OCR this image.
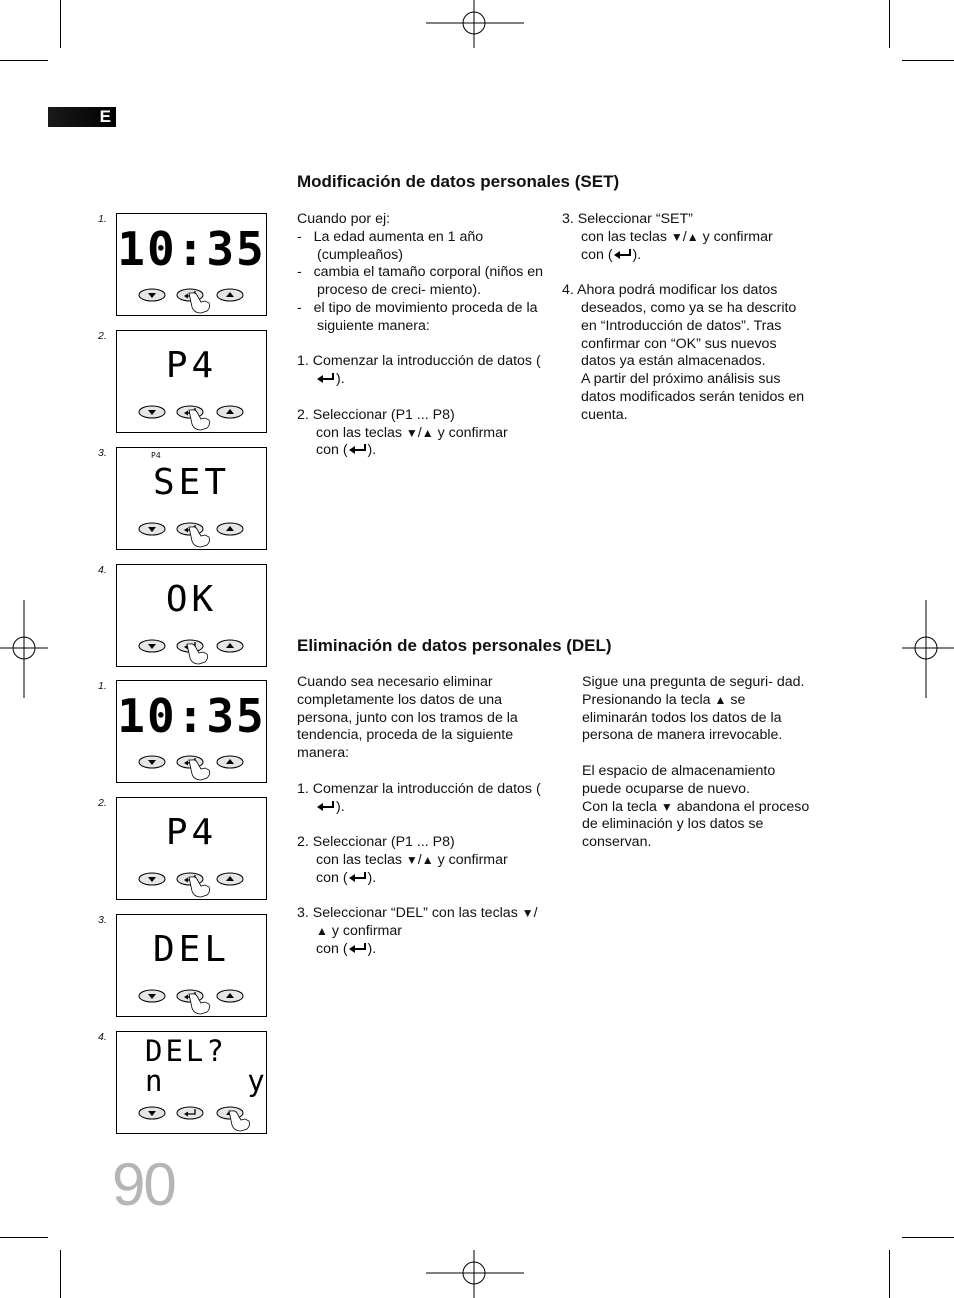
E
Modificación de datos personales (SET)
Cuando por ej:
-   La edad aumenta en 1 año (cumpleaños)
-   cambia el tamaño corporal (niños en proceso de creci- miento).
-   el tipo de movimiento proceda de la siguiente manera:

1. Comenzar la introducción de datos ().

2. Seleccionar (P1 ... P8)
con las teclas ▼/▲ y confirmar
con ( ).

3. Seleccionar “SET”
con las teclas ▼/▲ y confirmar
con ( ).

4. Ahora podrá modificar los datos deseados, como ya se ha descrito en “Introducción de datos”. Tras confirmar con “OK” sus nuevos datos ya están almacenados.
A partir del próximo análisis sus datos modificados serán tenidos en cuenta.
Eliminación de datos personales (DEL)

Cuando sea necesario eliminar completamente los datos de una persona, junto con los tramos de la tendencia, proceda de la siguiente manera:

1. Comenzar la introducción de datos ().

2. Seleccionar (P1 ... P8)
con las teclas ▼/▲ y confirmar
con ( ).

3. Seleccionar “DEL” con las teclas ▼/▲ y confirmar
con ( ).

Sigue una pregunta de seguri- dad. Presionando la tecla ▲ se eliminarán todos los datos de la persona de manera irrevocable.

El espacio de almacenamiento puede ocuparse de nuevo.
Con la tecla ▼ abandona el proceso de eliminación y los datos se conservan.
1.
10:35
2.
P4
3.	P4
SET
4.
OK
1.
10:35
2.
P4
3.
DEL
4. DEL?
n    y
90
